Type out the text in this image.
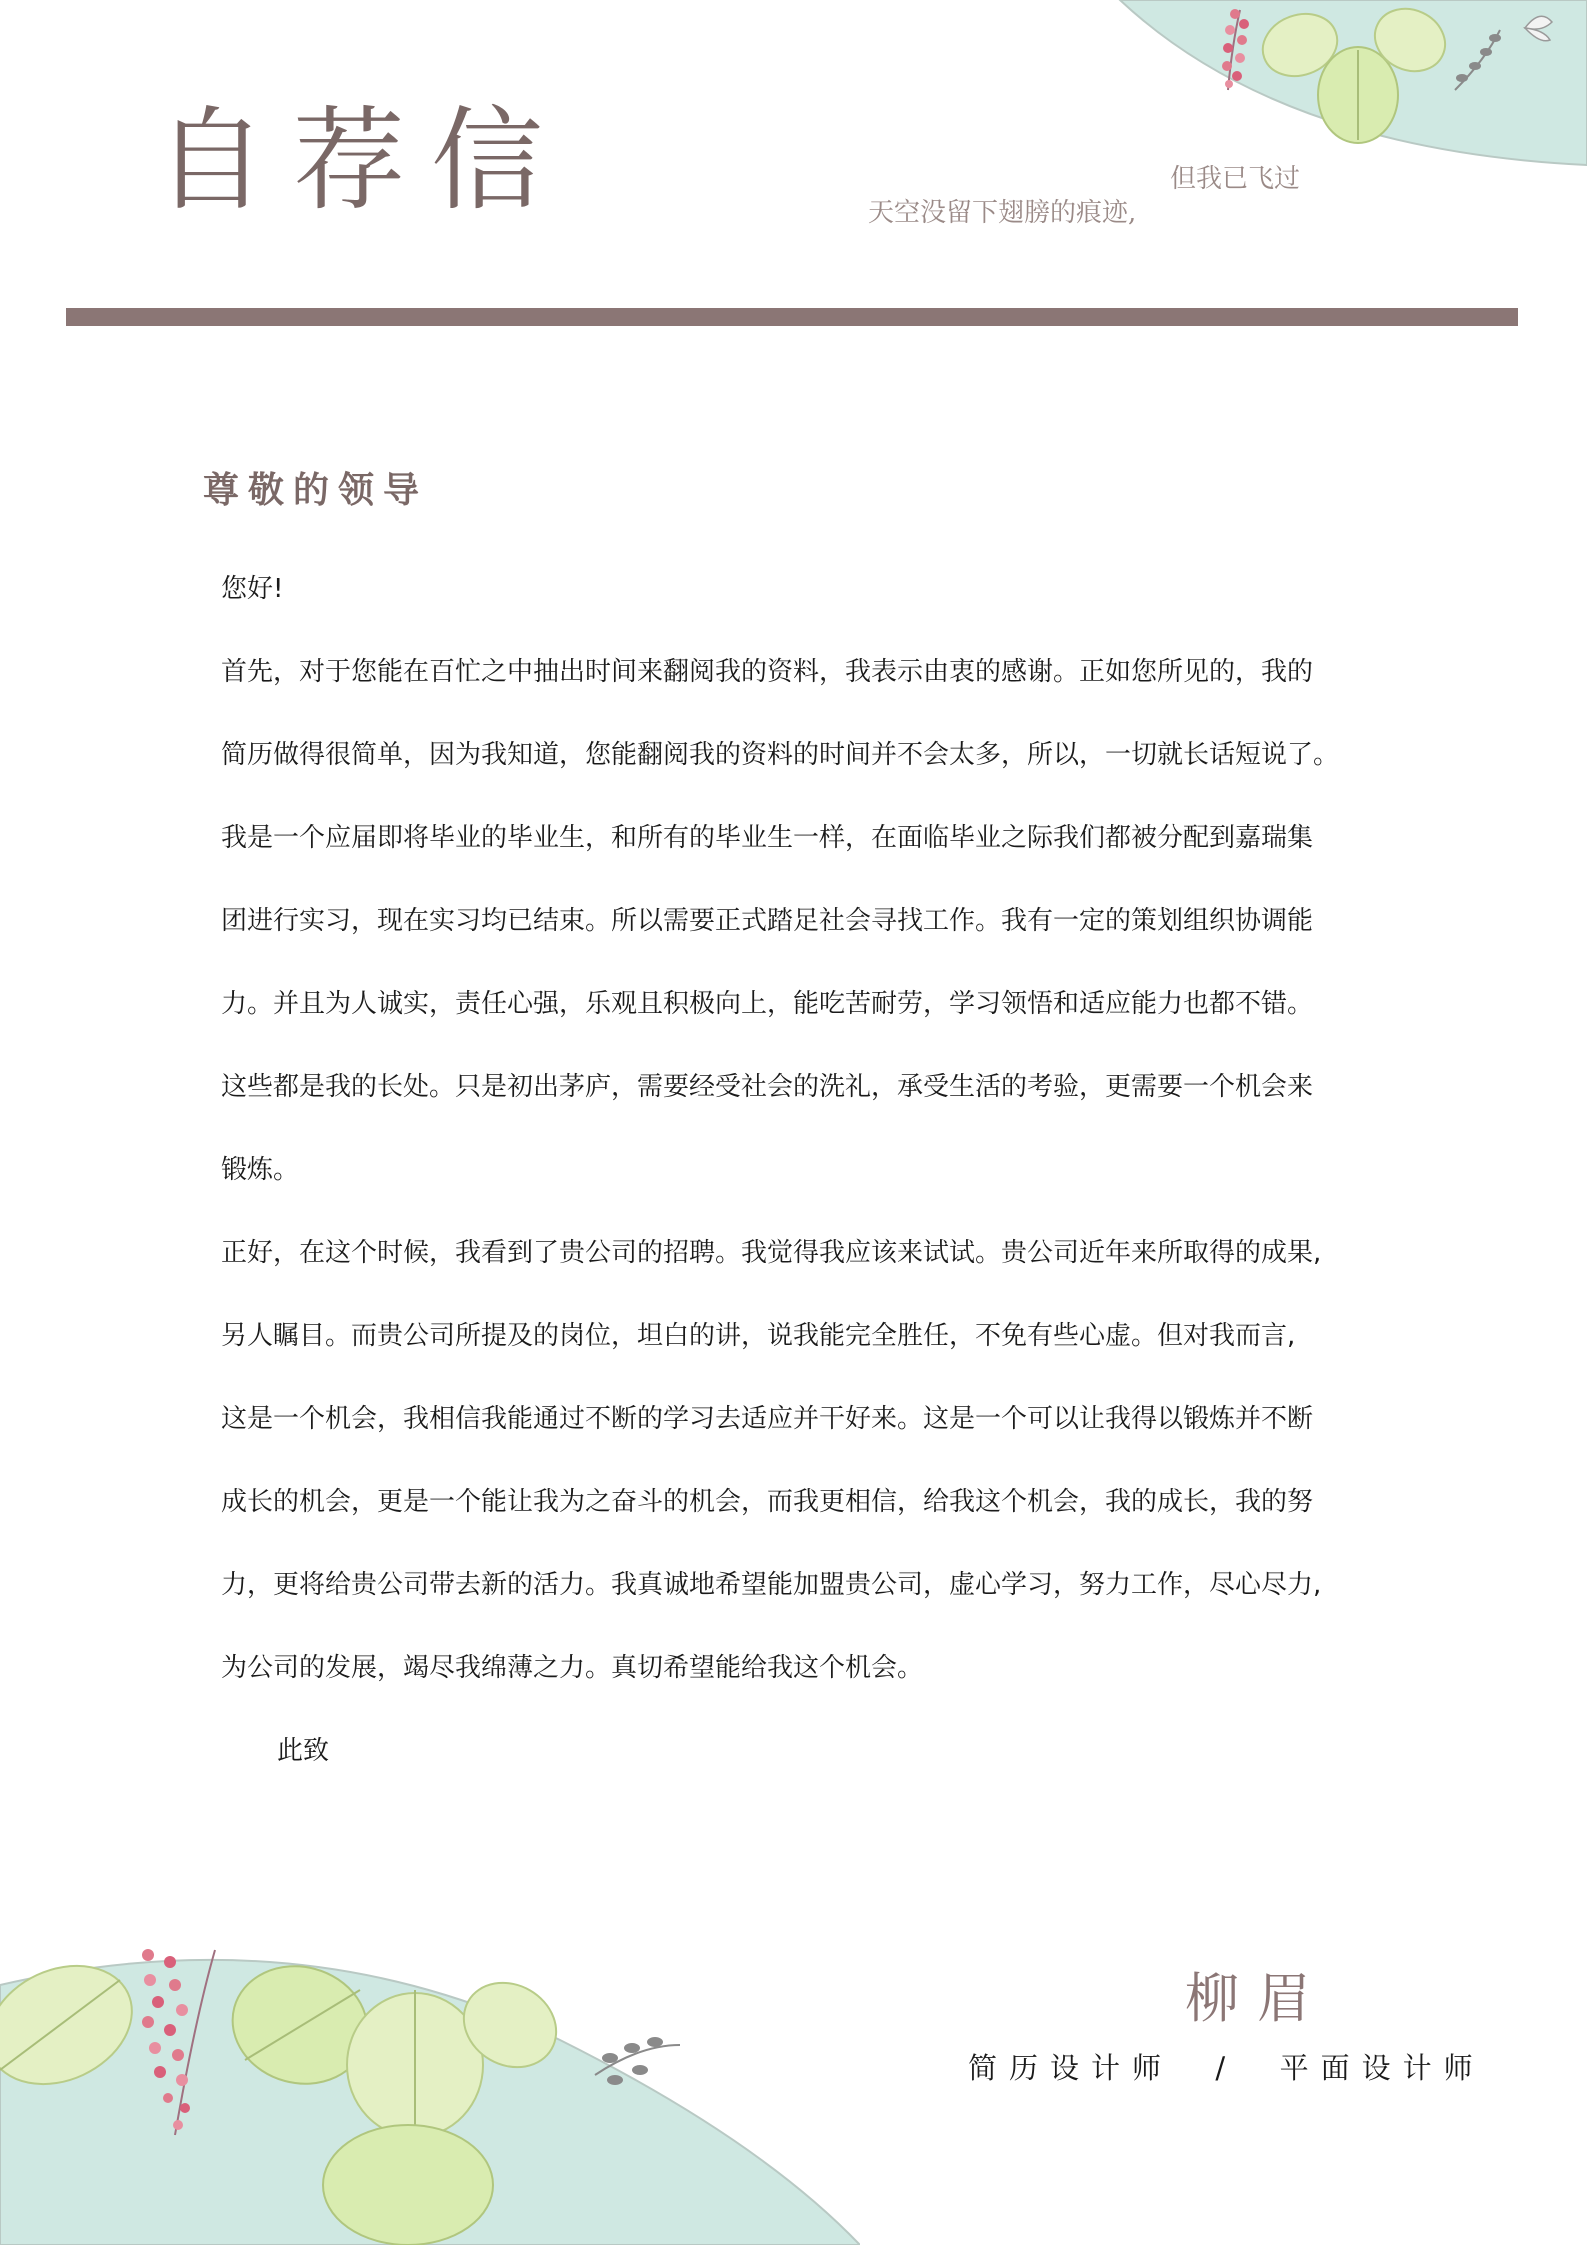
自荐信	天空没留下翅膀的痕迹,
但我已飞过
尊敬的领导

您好!

首先，对于您能在百忙之中抽出时间来翻阅我的资料，我表示由衷的感谢。正如您所见的，我的

简历做得很简单，因为我知道，您能翻阅我的资料的时间并不会太多，所以，一切就长话短说了。

我是一个应届即将毕业的毕业生，和所有的毕业生一样，在面临毕业之际我们都被分配到嘉瑞集

团进行实习，现在实习均已结束。所以需要正式踏足社会寻找工作。我有一定的策划组织协调能

力。并且为人诚实，责任心强，乐观且积极向上，能吃苦耐劳，学习领悟和适应能力也都不错。

这些都是我的长处。只是初出茅庐，需要经受社会的洗礼，承受生活的考验，更需要一个机会来

锻炼。

正好，在这个时候，我看到了贵公司的招聘。我觉得我应该来试试。贵公司近年来所取得的成果,

另人瞩目。而贵公司所提及的岗位，坦白的讲，说我能完全胜任，不免有些心虚。但对我而言,

这是一个机会，我相信我能通过不断的学习去适应并干好来。这是一个可以让我得以锻炼并不断

成长的机会，更是一个能让我为之奋斗的机会，而我更相信，给我这个机会，我的成长，我的努

力，更将给贵公司带去新的活力。我真诚地希望能加盟贵公司，虚心学习，努力工作，尽心尽力,

为公司的发展，竭尽我绵薄之力。真切希望能给我这个机会。

此致

柳眉
简历设计师  /  平面设计师
